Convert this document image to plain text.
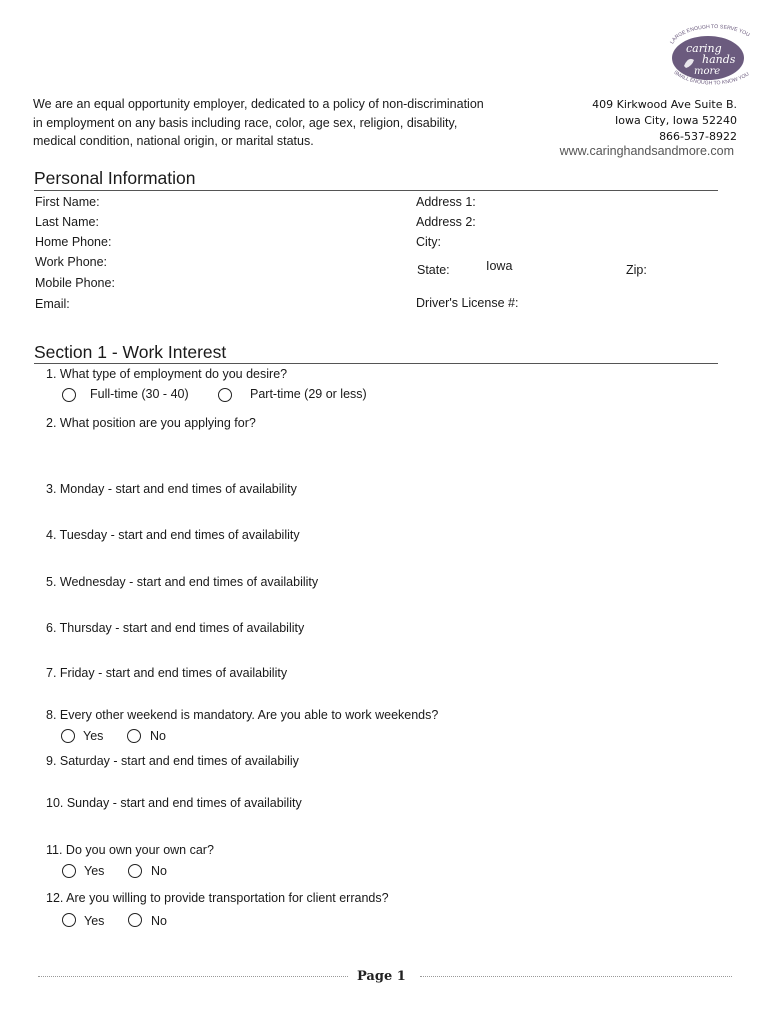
LARGE ENOUGH TO SERVE YOU
caring
hands
more
SMALL ENOUGH TO KNOW YOU
We are an equal opportunity employer, dedicated to a policy of non-discrimination
in employment on any basis including race, color, age sex, religion, disability,
medical condition, national origin, or marital status.
409 Kirkwood Ave Suite B.
Iowa City, Iowa 52240
866-537-8922
www.caringhandsandmore.com
Personal Information
First Name:
Last Name:
Home Phone:
Work Phone:
Mobile Phone:
Email:
Address 1:
Address 2:
City:
State:	Iowa	Zip:
Driver's License #:
Section 1 - Work Interest
1. What type of employment do you desire?
Full-time (30 - 40)	Part-time (29 or less)
2. What position are you applying for?
3. Monday - start and end times of availability
4. Tuesday - start and end times of availability
5. Wednesday - start and end times of availability
6. Thursday - start and end times of availability
7. Friday - start and end times of availability
8. Every other weekend is mandatory. Are you able to work weekends?
Yes	No
9. Saturday - start and end times of availabiliy
10. Sunday - start and end times of availability
11. Do you own your own car?
Yes	No
12. Are you willing to provide transportation for client errands?
Yes	No
Page 1
